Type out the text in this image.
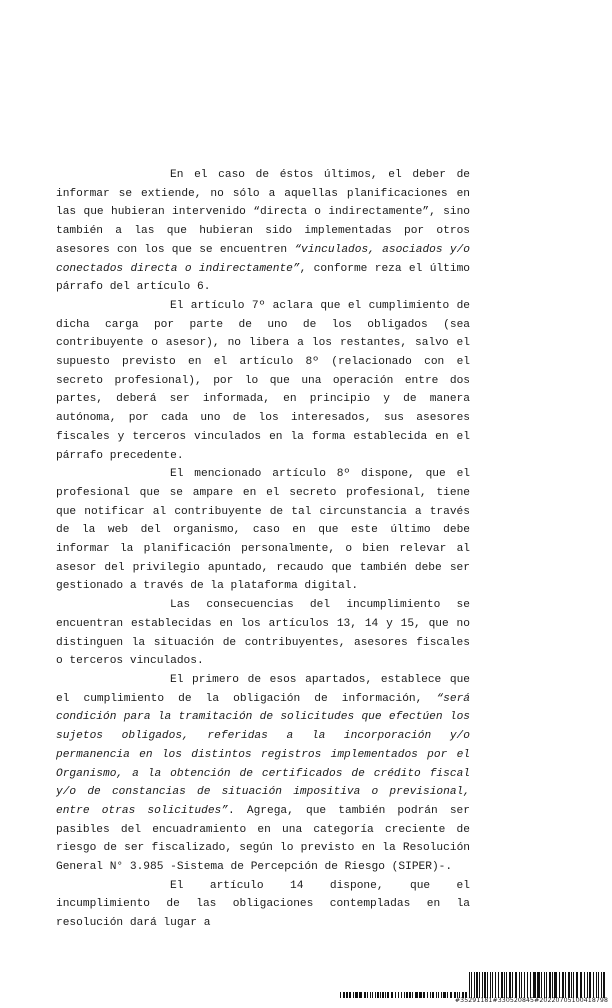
En el caso de éstos últimos, el deber de informar se extiende, no sólo a aquellas planificaciones en las que hubieran intervenido “directa o indirectamente”, sino también a las que hubieran sido implementadas por otros asesores con los que se encuentren “vinculados, asociados y/o conectados directa o indirectamente”, conforme reza el último párrafo del artículo 6.

El artículo 7º aclara que el cumplimiento de dicha carga por parte de uno de los obligados (sea contribuyente o asesor), no libera a los restantes, salvo el supuesto previsto en el artículo 8º (relacionado con el secreto profesional), por lo que una operación entre dos partes, deberá ser informada, en principio y de manera autónoma, por cada uno de los interesados, sus asesores fiscales y terceros vinculados en la forma establecida en el párrafo precedente.

El mencionado artículo 8º dispone, que el profesional que se ampare en el secreto profesional, tiene que notificar al contribuyente de tal circunstancia a través de la web del organismo, caso en que este último debe informar la planificación personalmente, o bien relevar al asesor del privilegio apuntado, recaudo que también debe ser gestionado a través de la plataforma digital.

Las consecuencias del incumplimiento se encuentran establecidas en los artículos 13, 14 y 15, que no distinguen la situación de contribuyentes, asesores fiscales o terceros vinculados.

El primero de esos apartados, establece que el cumplimiento de la obligación de información, “será condición para la tramitación de solicitudes que efectúen los sujetos obligados, referidas a la incorporación y/o permanencia en los distintos registros implementados por el Organismo, a la obtención de certificados de crédito fiscal y/o de constancias de situación impositiva o previsional, entre otras solicitudes”. Agrega, que también podrán ser pasibles del encuadramiento en una categoría creciente de riesgo de ser fiscalizado, según lo previsto en la Resolución General N° 3.985 -Sistema de Percepción de Riesgo (SIPER)-.

El artículo 14 dispone, que el incumplimiento de las obligaciones contempladas en la resolución dará lugar a

#35291181#330520845#20220705100418798
